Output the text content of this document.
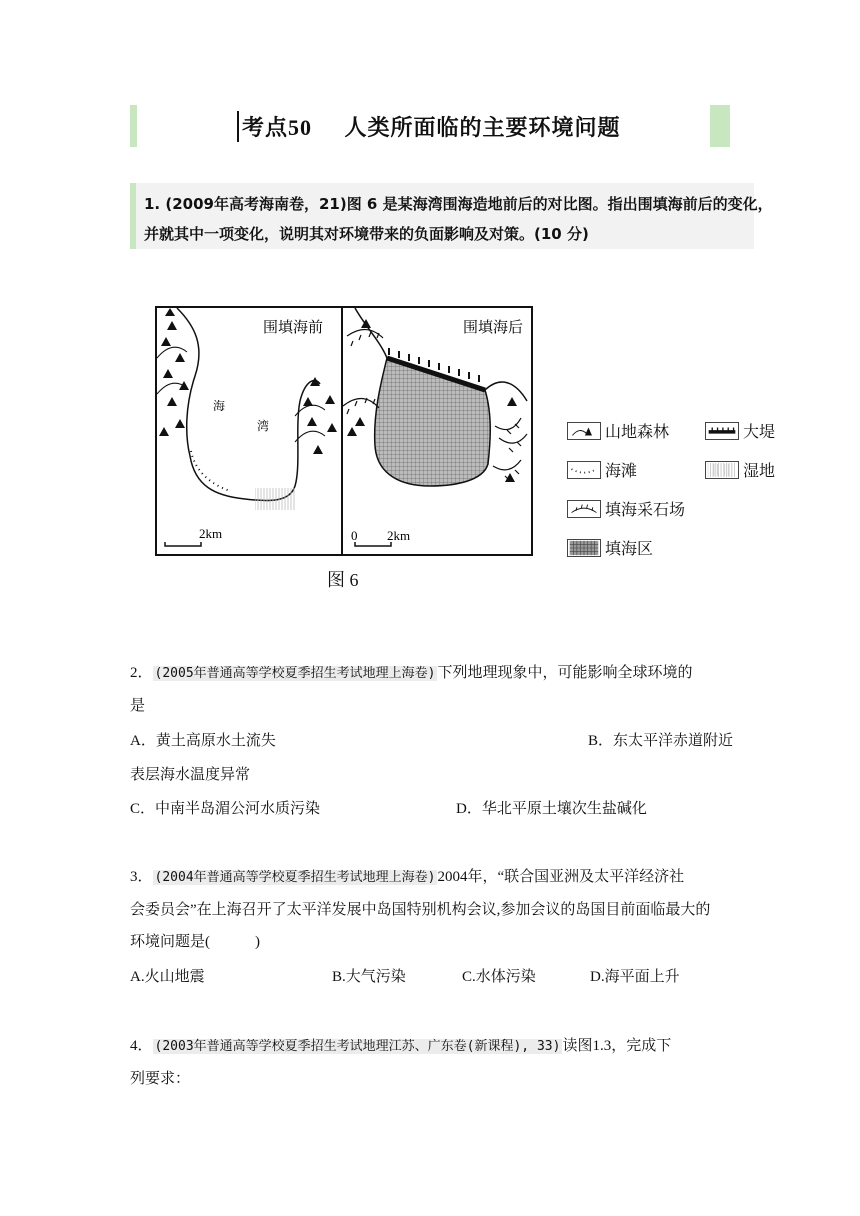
考点50 人类所面临的主要环境问题
1. (2009年高考海南卷，21)图 6 是某海湾围海造地前后的对比图。指出围填海前后的变化，
并就其中一项变化，说明其对环境带来的负面影响及对策。(10 分)
海
湾
围填海前
2km
围填海后
0 2km
图 6
山地森林	大堤
海滩	湿地
填海采石场
填海区
2． (2005年普通高等学校夏季招生考试地理上海卷) 下列地理现象中，可能影响全球环境的
是
A．黄土高原水土流失	B．东太平洋赤道附近
表层海水温度异常
C．中南半岛湄公河水质污染	D．华北平原土壤次生盐碱化
3． (2004年普通高等学校夏季招生考试地理上海卷) 2004年，“联合国亚洲及太平洋经济社
会委员会”在上海召开了太平洋发展中岛国特别机构会议,参加会议的岛国目前面临最大的
环境问题是(　　　)
A.火山地震	B.大气污染	C.水体污染	D.海平面上升
4． (2003年普通高等学校夏季招生考试地理江苏、广东卷(新课程), 33) 读图1.3，完成下
列要求：
